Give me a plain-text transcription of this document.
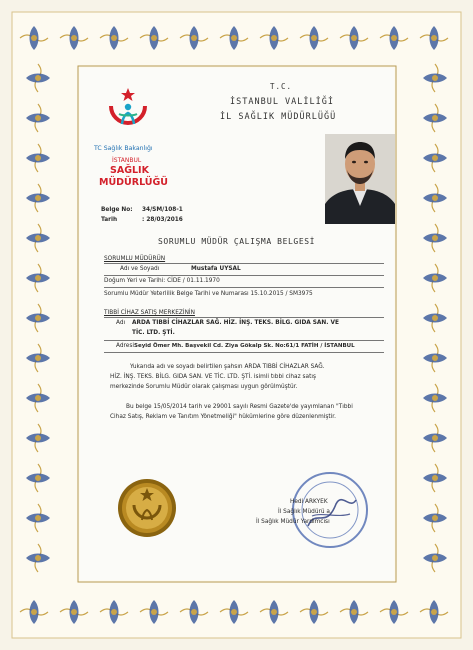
T.C.
İSTANBUL VALİLİĞİ
İL SAĞLIK MÜDÜRLÜĞÜ
TC Sağlık Bakanlığı
İSTANBUL
SAĞLIK
MÜDÜRLÜĞÜ
Belge No: 34/SM/108-1
Tarih	: 28/03/2016
SORUMLU MÜDÜR ÇALIŞMA BELGESİ
SORUMLU MÜDÜRÜN
Adı ve Soyadı	Mustafa UYSAL
Doğum Yeri ve Tarihi: CİDE / 01.11.1970
Sorumlu Müdür Yeterlilik Belge Tarihi ve Numarası 15.10.2015 / SM3975
TIBBİ CİHAZ SATIŞ MERKEZİNİN
Adı ARDA TIBBİ CİHAZLAR SAĞ. HİZ. İNŞ. TEKS. BİLG. GIDA SAN. VE
TİC. LTD. ŞTİ.
Adresi Seyid Ömer Mh. Başvekil Cd. Ziya Gökalp Sk. No:61/1 FATİH / İSTANBUL
Yukarıda adı ve soyadı belirtilen şahsın ARDA TIBBİ CİHAZLAR SAĞ.
HİZ. İNŞ. TEKS. BİLG. GIDA SAN. VE TİC. LTD. ŞTİ. isimli tıbbi cihaz satış
merkezinde Sorumlu Müdür olarak çalışması uygun görülmüştür.
Bu belge 15/05/2014 tarih ve 29001 sayılı Resmi Gazete'de yayımlanan "Tıbbi
Cihaz Satış, Reklam ve Tanıtım Yönetmeliği" hükümlerine göre düzenlenmiştir.
Hedi ARKYEK
İl Sağlık Müdürü a.
İl Sağlık Müdür Yardımcısı
